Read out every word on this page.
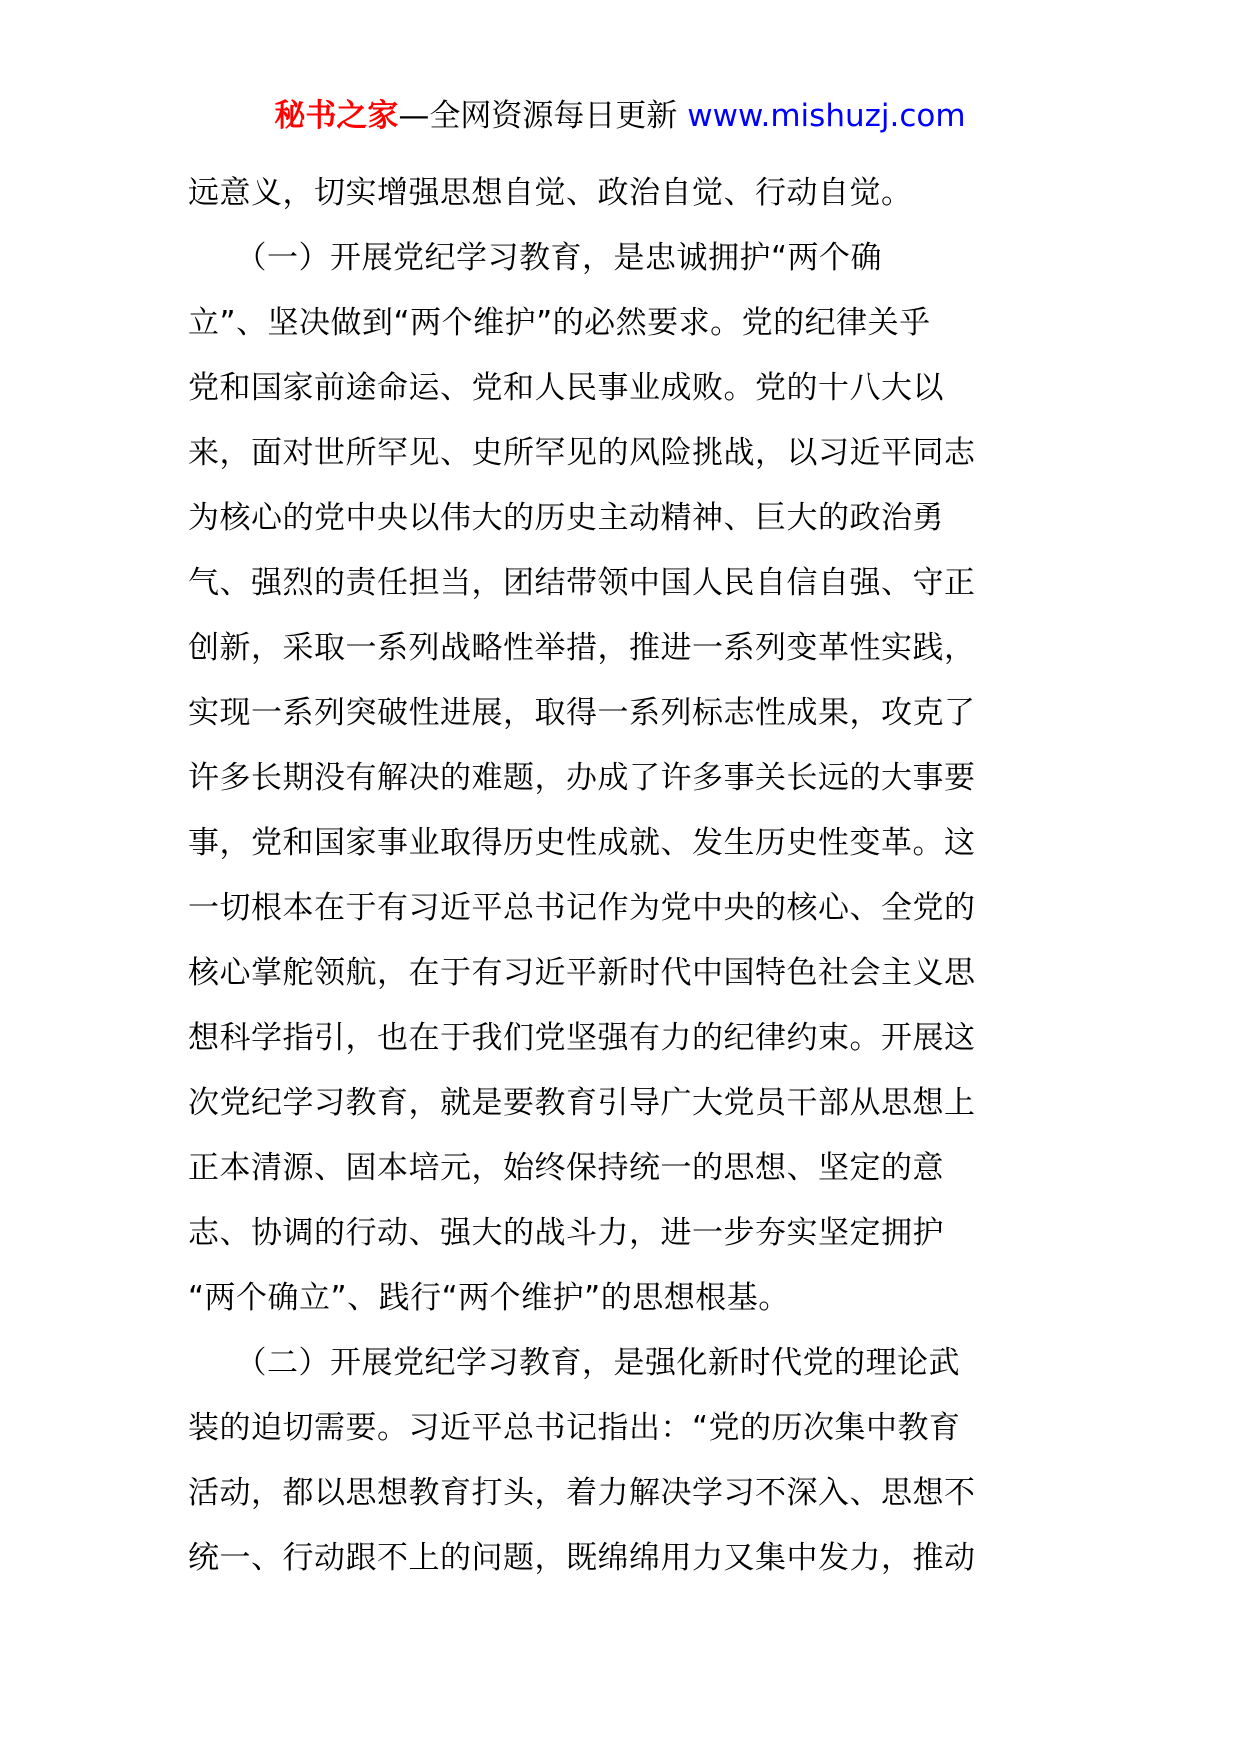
秘书之家—全网资源每日更新 www.mishuzj.com
远意义，切实增强思想自觉、政治自觉、行动自觉。
　　（一）开展党纪学习教育，是忠诚拥护“两个确
立”、坚决做到“两个维护”的必然要求。党的纪律关乎
党和国家前途命运、党和人民事业成败。党的十八大以
来，面对世所罕见、史所罕见的风险挑战，以习近平同志
为核心的党中央以伟大的历史主动精神、巨大的政治勇
气、强烈的责任担当，团结带领中国人民自信自强、守正
创新，采取一系列战略性举措，推进一系列变革性实践，
实现一系列突破性进展，取得一系列标志性成果，攻克了
许多长期没有解决的难题，办成了许多事关长远的大事要
事，党和国家事业取得历史性成就、发生历史性变革。这
一切根本在于有习近平总书记作为党中央的核心、全党的
核心掌舵领航，在于有习近平新时代中国特色社会主义思
想科学指引，也在于我们党坚强有力的纪律约束。开展这
次党纪学习教育，就是要教育引导广大党员干部从思想上
正本清源、固本培元，始终保持统一的思想、坚定的意
志、协调的行动、强大的战斗力，进一步夯实坚定拥护
“两个确立”、践行“两个维护”的思想根基。
　　（二）开展党纪学习教育，是强化新时代党的理论武
装的迫切需要。习近平总书记指出：“党的历次集中教育
活动，都以思想教育打头，着力解决学习不深入、思想不
统一、行动跟不上的问题，既绵绵用力又集中发力，推动
